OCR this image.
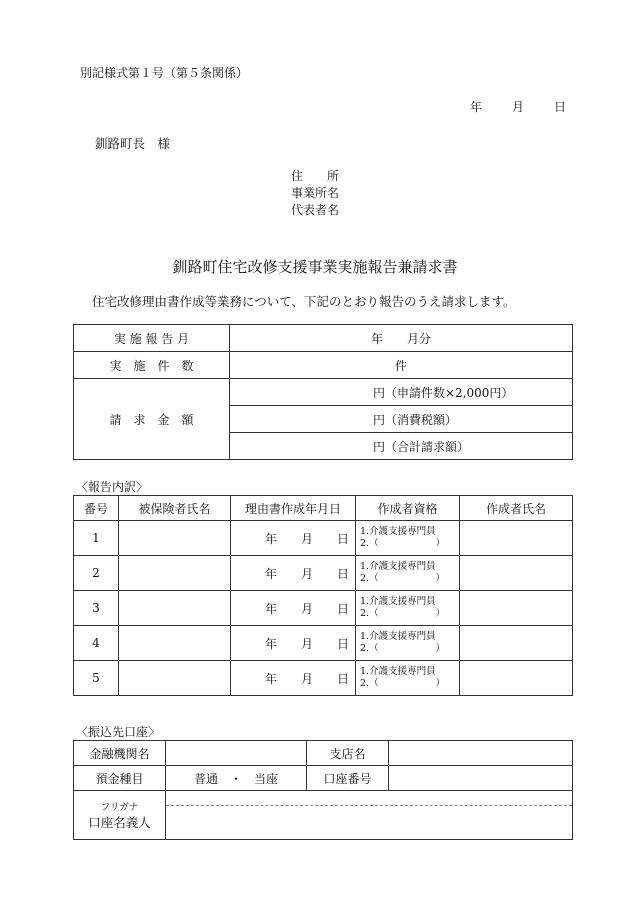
別記様式第１号（第５条関係）
年	月	日
釧路町長　様
住　　所
事業所名
代表者名
釧路町住宅改修支援事業実施報告兼請求書
住宅改修理由書作成等業務について、下記のとおり報告のうえ請求します。
実 施 報 告 月	年　　月分
実　施　件　数	件
請　求　金　額	円（申請件数×2,000円）
	円（消費税額）
	円（合計請求額）
〈報告内訳〉
番号	被保険者氏名	理由書作成年月日	作成者資格	作成者氏名
1		年　　月　　日	1.介護支援専門員
2.（　　　　　　）	

2		年　　月　　日	1.介護支援専門員
2.（　　　　　　）	

3		年　　月　　日	1.介護支援専門員
2.（　　　　　　）	

4		年　　月　　日	1.介護支援専門員
2.（　　　　　　）	

5		年　　月　　日	1.介護支援専門員
2.（　　　　　　）	

〈振込先口座〉
金融機関名		支店名	
預金種目	普通　・　当座	口座番号	

フリガナ
口座名義人			
